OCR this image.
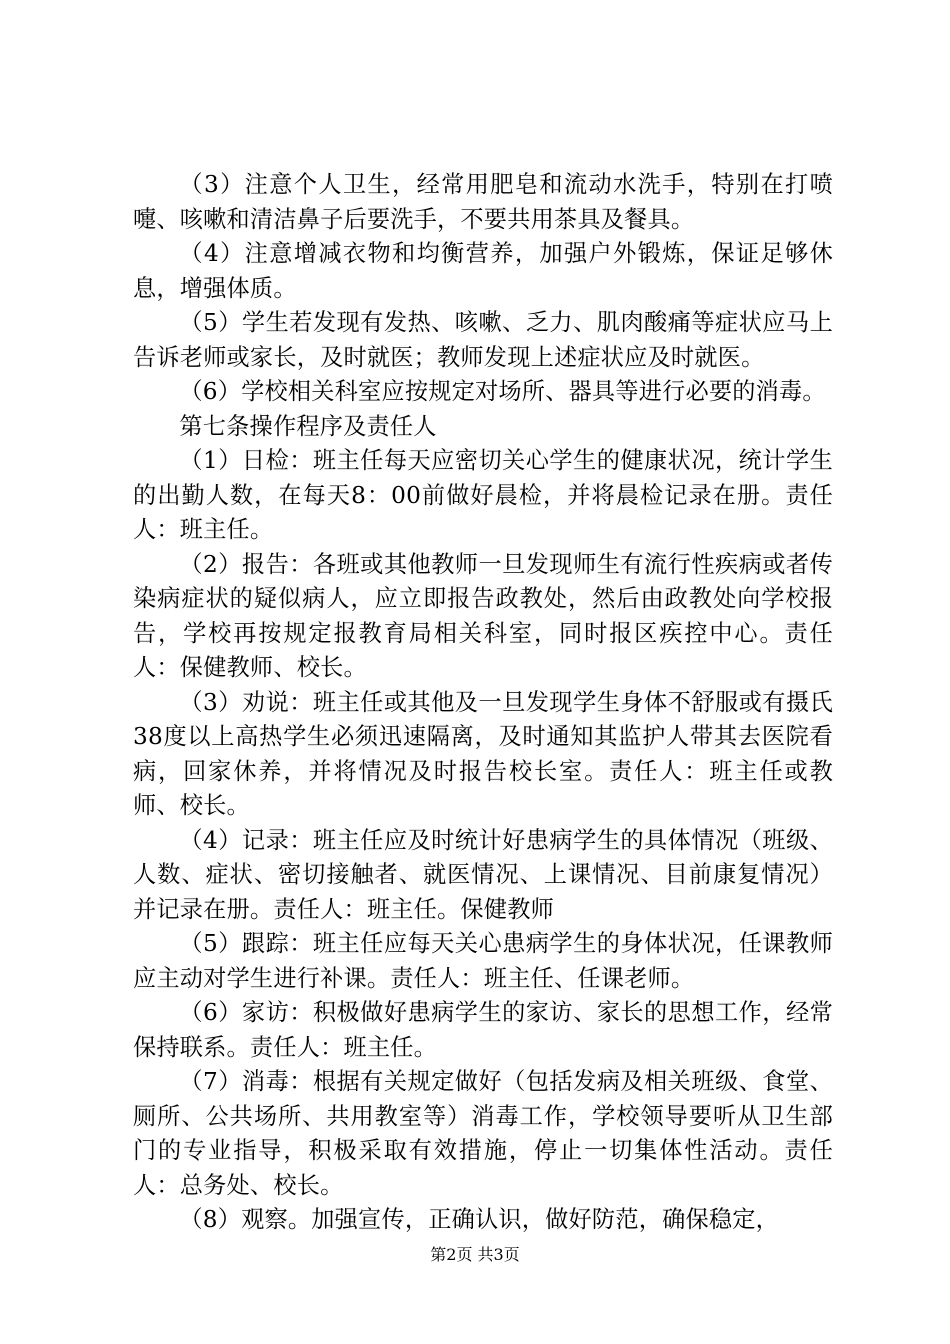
（3）注意个人卫生，经常用肥皂和流动水洗手，特别在打喷嚏、咳嗽和清洁鼻子后要洗手，不要共用茶具及餐具。

（4）注意增减衣物和均衡营养，加强户外锻炼，保证足够休息，增强体质。

（5）学生若发现有发热、咳嗽、乏力、肌肉酸痛等症状应马上告诉老师或家长，及时就医；教师发现上述症状应及时就医。

（6）学校相关科室应按规定对场所、器具等进行必要的消毒。

第七条操作程序及责任人

（1）日检：班主任每天应密切关心学生的健康状况，统计学生的出勤人数，在每天8：00前做好晨检，并将晨检记录在册。责任人：班主任。

（2）报告：各班或其他教师一旦发现师生有流行性疾病或者传染病症状的疑似病人，应立即报告政教处，然后由政教处向学校报告，学校再按规定报教育局相关科室，同时报区疾控中心。责任人：保健教师、校长。

（3）劝说：班主任或其他及一旦发现学生身体不舒服或有摄氏38度以上高热学生必须迅速隔离，及时通知其监护人带其去医院看病，回家休养，并将情况及时报告校长室。责任人：班主任或教师、校长。

（4）记录：班主任应及时统计好患病学生的具体情况（班级、人数、症状、密切接触者、就医情况、上课情况、目前康复情况）并记录在册。责任人：班主任。保健教师

（5）跟踪：班主任应每天关心患病学生的身体状况，任课教师应主动对学生进行补课。责任人：班主任、任课老师。

（6）家访：积极做好患病学生的家访、家长的思想工作，经常保持联系。责任人：班主任。

（7）消毒：根据有关规定做好（包括发病及相关班级、食堂、厕所、公共场所、共用教室等）消毒工作，学校领导要听从卫生部门的专业指导，积极采取有效措施，停止一切集体性活动。责任人：总务处、校长。

（8）观察。加强宣传，正确认识，做好防范，确保稳定，

第2页 共3页
